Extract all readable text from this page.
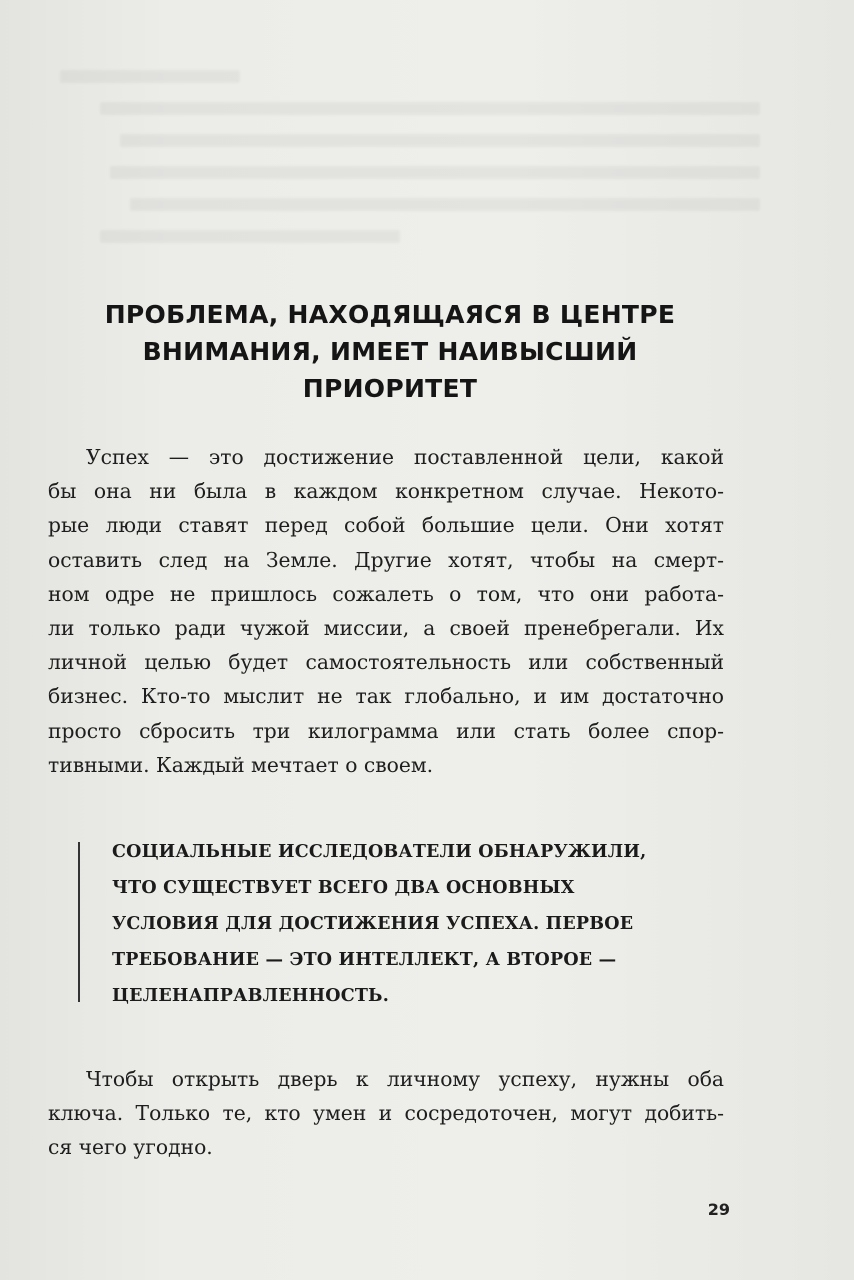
ПРОБЛЕМА, НАХОДЯЩАЯСЯ В ЦЕНТРЕ
ВНИМАНИЯ, ИМЕЕТ НАИВЫСШИЙ
ПРИОРИТЕТ

Успех — это достижение поставленной цели, какой
бы она ни была в каждом конкретном случае. Некото-
рые люди ставят перед собой большие цели. Они хотят
оставить след на Земле. Другие хотят, чтобы на смерт-
ном одре не пришлось сожалеть о том, что они работа-
ли только ради чужой миссии, а своей пренебрегали. Их
личной целью будет самостоятельность или собственный
бизнес. Кто-то мыслит не так глобально, и им достаточно
просто сбросить три килограмма или стать более спор-
тивными. Каждый мечтает о своем.

СОЦИАЛЬНЫЕ ИССЛЕДОВАТЕЛИ ОБНАРУЖИЛИ,
ЧТО СУЩЕСТВУЕТ ВСЕГО ДВА ОСНОВНЫХ
УСЛОВИЯ ДЛЯ ДОСТИЖЕНИЯ УСПЕХА. ПЕРВОЕ
ТРЕБОВАНИЕ — ЭТО ИНТЕЛЛЕКТ, А ВТОРОЕ —
ЦЕЛЕНАПРАВЛЕННОСТЬ.

Чтобы открыть дверь к личному успеху, нужны оба
ключа. Только те, кто умен и сосредоточен, могут добить-
ся чего угодно.

29
